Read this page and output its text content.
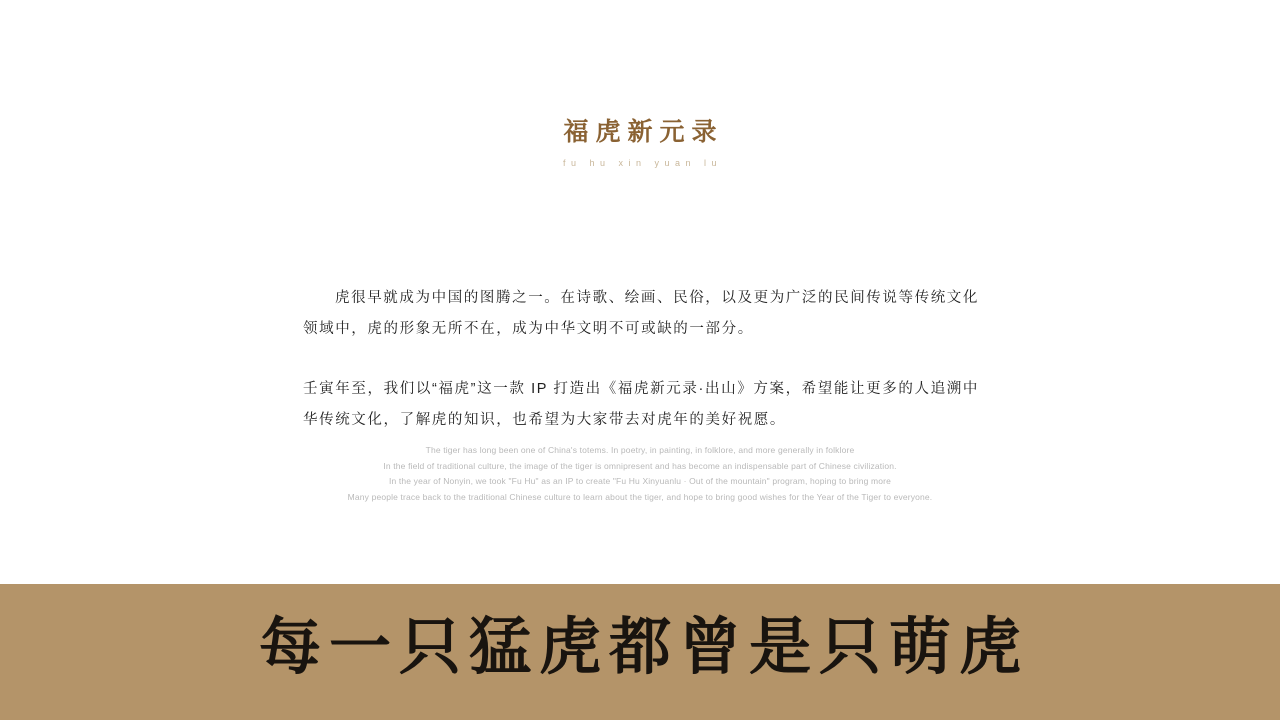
福虎新元录
fu hu xin yuan lu

虎很早就成为中国的图腾之一。在诗歌、绘画、民俗，以及更为广泛的民间传说等传统文化领域中，虎的形象无所不在，成为中华文明不可或缺的一部分。

壬寅年至，我们以“福虎”这一款 IP 打造出《福虎新元录·出山》方案，希望能让更多的人追溯中华传统文化，了解虎的知识，也希望为大家带去对虎年的美好祝愿。

The tiger has long been one of China's totems. In poetry, in painting, in folklore, and more generally in folklore
In the field of traditional culture, the image of the tiger is omnipresent and has become an indispensable part of Chinese civilization.
In the year of Nonyin, we took "Fu Hu" as an IP to create "Fu Hu Xinyuanlu · Out of the mountain" program, hoping to bring more
Many people trace back to the traditional Chinese culture to learn about the tiger, and hope to bring good wishes for the Year of the Tiger to everyone.
每一只猛虎都曾是只萌虎
